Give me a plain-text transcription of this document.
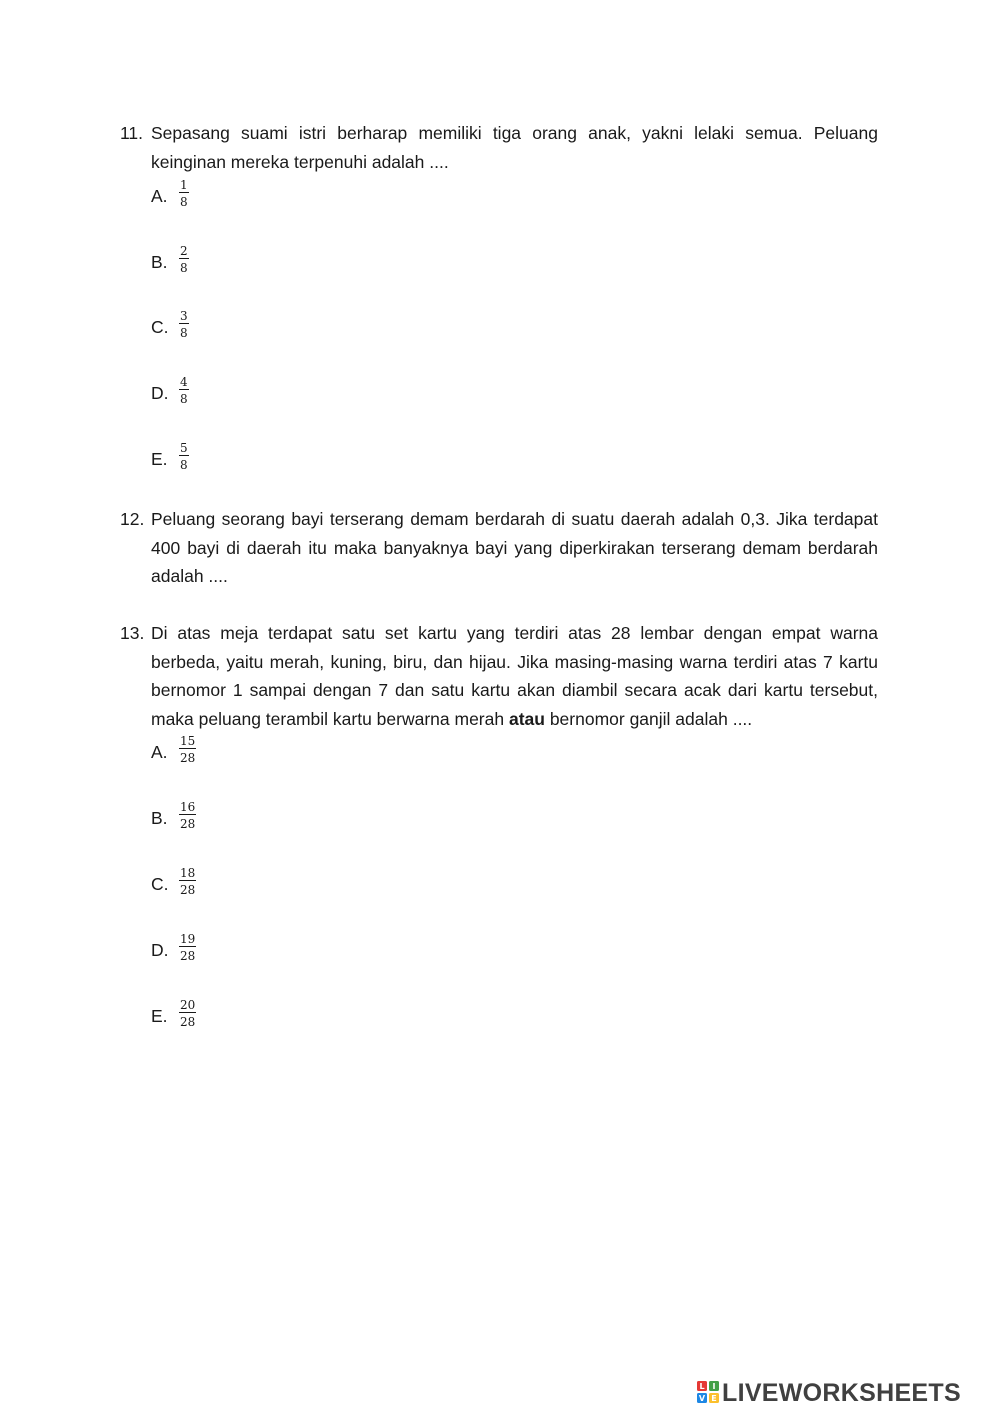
11. Sepasang suami istri berharap memiliki tiga orang anak, yakni lelaki semua. Peluang keinginan mereka terpenuhi adalah ....
A. $\frac{1}{8}$
B. $\frac{2}{8}$
C. $\frac{3}{8}$
D. $\frac{4}{8}$
E. $\frac{5}{8}$
12. Peluang seorang bayi terserang demam berdarah di suatu daerah adalah 0,3. Jika terdapat 400 bayi di daerah itu maka banyaknya bayi yang diperkirakan terserang demam berdarah adalah ....
13. Di atas meja terdapat satu set kartu yang terdiri atas 28 lembar dengan empat warna berbeda, yaitu merah, kuning, biru, dan hijau. Jika masing-masing warna terdiri atas 7 kartu bernomor 1 sampai dengan 7 dan satu kartu akan diambil secara acak dari kartu tersebut, maka peluang terambil kartu berwarna merah atau bernomor ganjil adalah ....
A. $\frac{15}{28}$
B. $\frac{16}{28}$
C. $\frac{18}{28}$
D. $\frac{19}{28}$
E. $\frac{20}{28}$
L I
V E LIVEWORKSHEETS
